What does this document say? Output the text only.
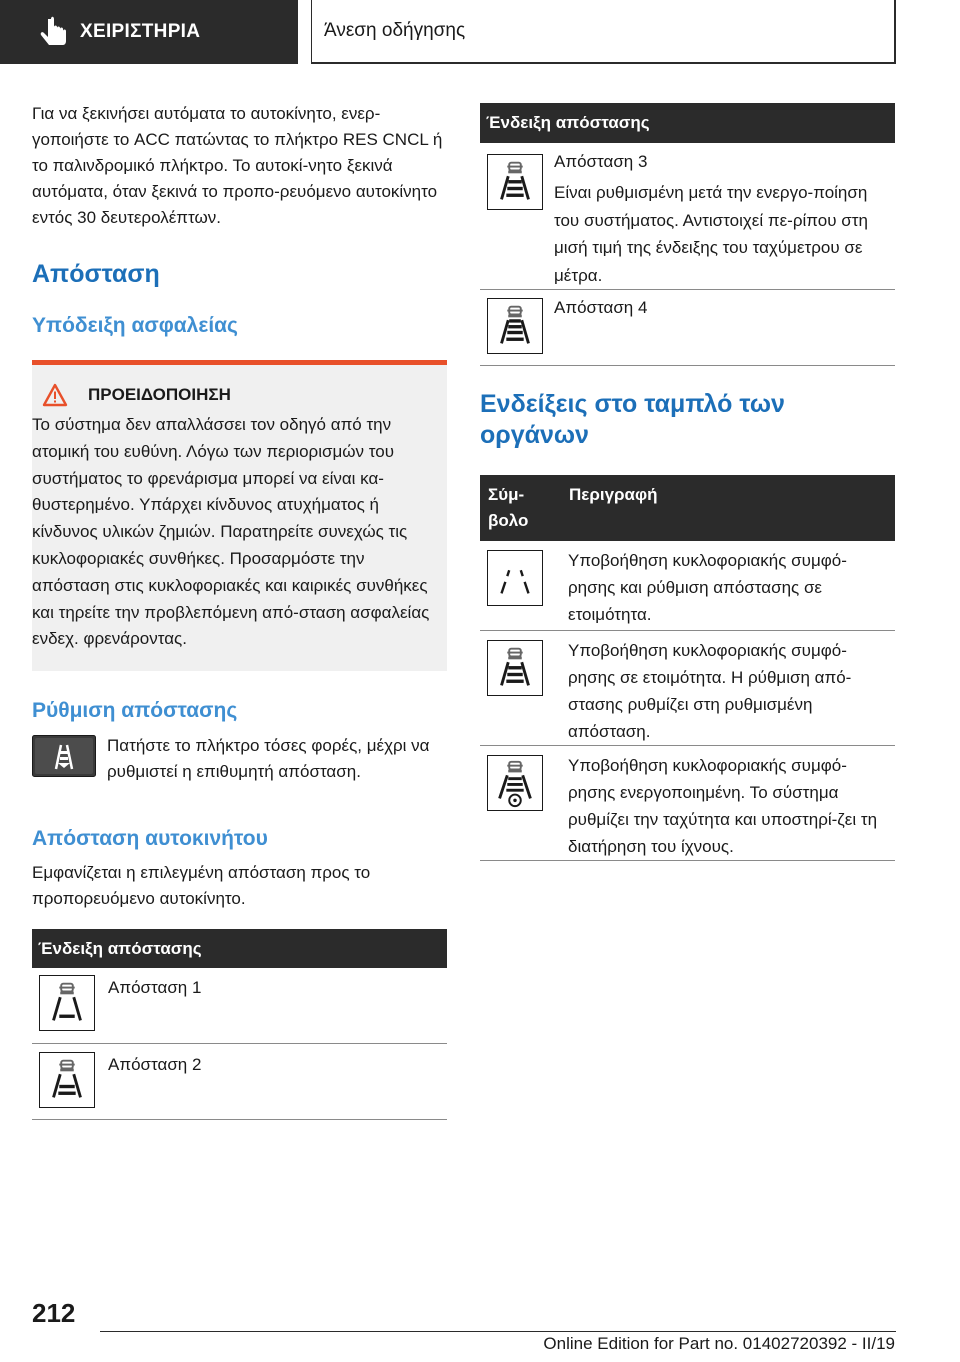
ΧΕΙΡΙΣΤΗΡΙΑ	Άνεση οδήγησης

Για να ξεκινήσει αυτόματα το αυτοκίνητο, ενερ‐γοποιήστε το ACC πατώντας το πλήκτρο RES CNCL ή το παλινδρομικό πλήκτρο. Το αυτοκί‐νητο ξεκινά αυτόματα, όταν ξεκινά το προπο‐ρευόμενο αυτοκίνητο εντός 30 δευτερολέπτων.

Απόσταση
Υπόδειξη ασφαλείας
ΠΡΟΕΙΔΟΠΟΙΗΣΗ

Το σύστημα δεν απαλλάσσει τον οδηγό από την ατομική του ευθύνη. Λόγω των περιορισμών του συστήματος το φρενάρισμα μπορεί να είναι κα‐θυστερημένο. Υπάρχει κίνδυνος ατυχήματος ή κίνδυνος υλικών ζημιών. Παρατηρείτε συνεχώς τις κυκλοφοριακές συνθήκες. Προσαρμόστε την απόσταση στις κυκλοφοριακές και καιρικές συνθήκες και τηρείτε την προβλεπόμενη από‐σταση ασφαλείας ενδεχ. φρενάροντας.

Ρύθμιση απόστασης

Πατήστε το πλήκτρο τόσες φορές, μέχρι να ρυθμιστεί η επιθυμητή απόσταση.

Απόσταση αυτοκινήτου

Εμφανίζεται η επιλεγμένη απόσταση προς το προπορευόμενο αυτοκίνητο.

Ένδειξη απόστασης
Απόσταση 1
Απόσταση 2
Ένδειξη απόστασης
Απόσταση 3
Είναι ρυθμισμένη μετά την ενεργο‐ποίηση του συστήματος. Αντιστοιχεί πε‐ρίπου στη μισή τιμή της ένδειξης του ταχύμετρου σε μέτρα.
Απόσταση 4
Ενδείξεις στο ταμπλό των οργάνων
Σύμ‐βολο
Περιγραφή
Υποβοήθηση κυκλοφοριακής συμφό‐ρησης και ρύθμιση απόστασης σε ετοιμότητα.
Υποβοήθηση κυκλοφοριακής συμφό‐ρησης σε ετοιμότητα. Η ρύθμιση από‐στασης ρυθμίζει στη ρυθμισμένη απόσταση.
Υποβοήθηση κυκλοφοριακής συμφό‐ρησης ενεργοποιημένη. Το σύστημα ρυθμίζει την ταχύτητα και υποστηρί‐ζει τη διατήρηση του ίχνους.
212
Online Edition for Part no. 01402720392 - II/19
